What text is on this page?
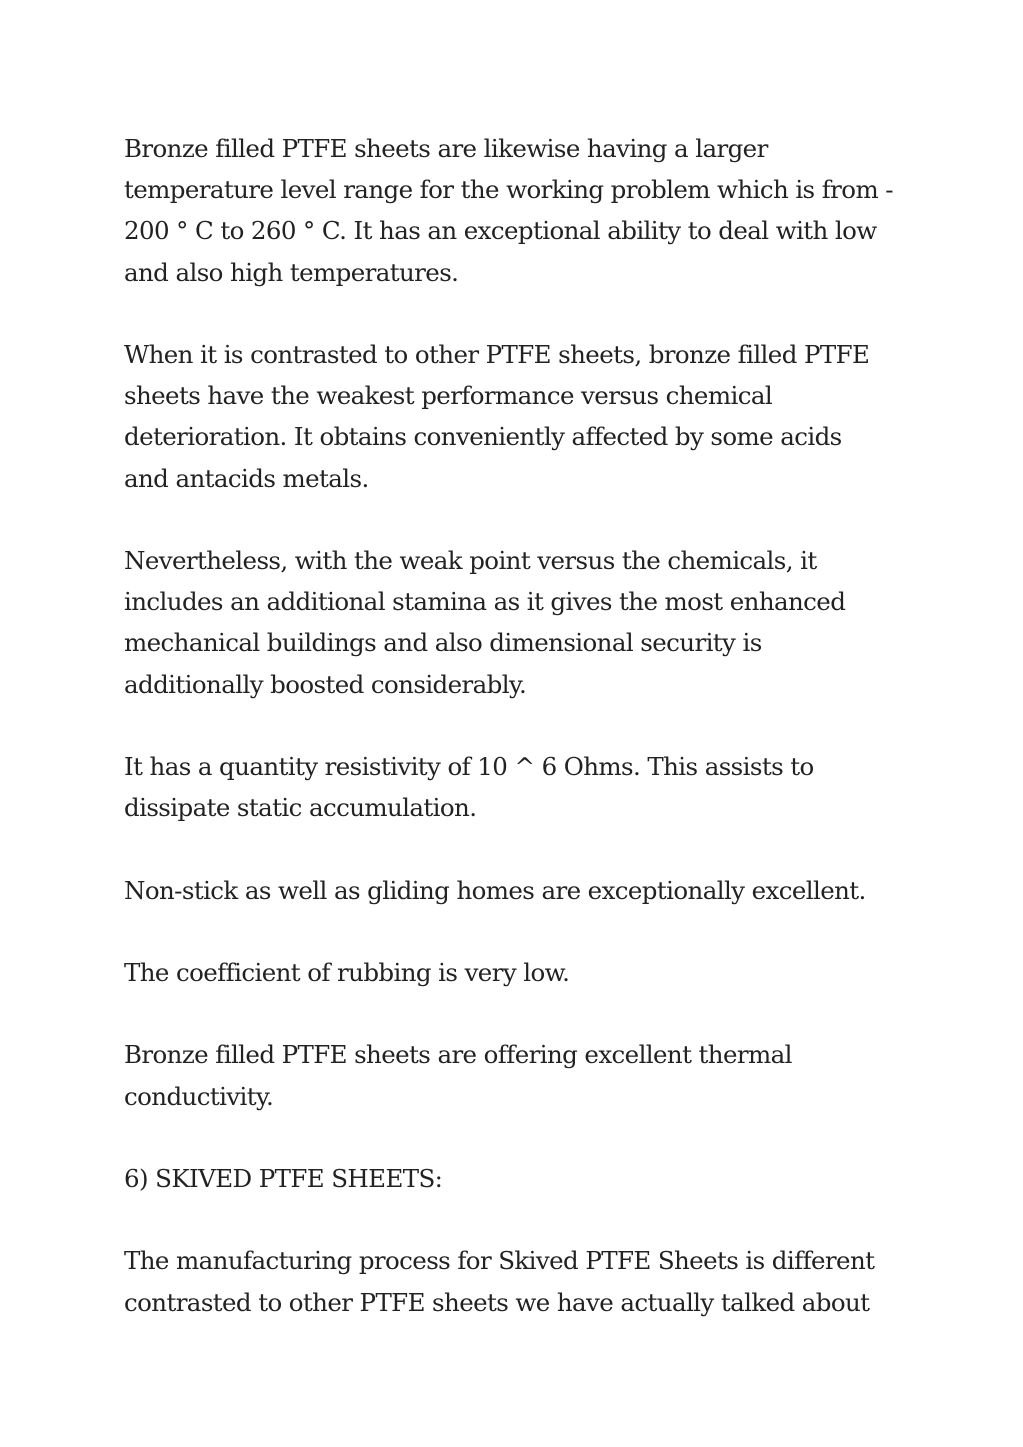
Bronze filled PTFE sheets are likewise having a larger
temperature level range for the working problem which is from -
200 ° C to 260 ° C. It has an exceptional ability to deal with low
and also high temperatures.

When it is contrasted to other PTFE sheets, bronze filled PTFE
sheets have the weakest performance versus chemical
deterioration. It obtains conveniently affected by some acids
and antacids metals.

Nevertheless, with the weak point versus the chemicals, it
includes an additional stamina as it gives the most enhanced
mechanical buildings and also dimensional security is
additionally boosted considerably.

It has a quantity resistivity of 10 ^ 6 Ohms. This assists to
dissipate static accumulation.

Non-stick as well as gliding homes are exceptionally excellent.

The coefficient of rubbing is very low.

Bronze filled PTFE sheets are offering excellent thermal
conductivity.

6) SKIVED PTFE SHEETS:

The manufacturing process for Skived PTFE Sheets is different
contrasted to other PTFE sheets we have actually talked about
